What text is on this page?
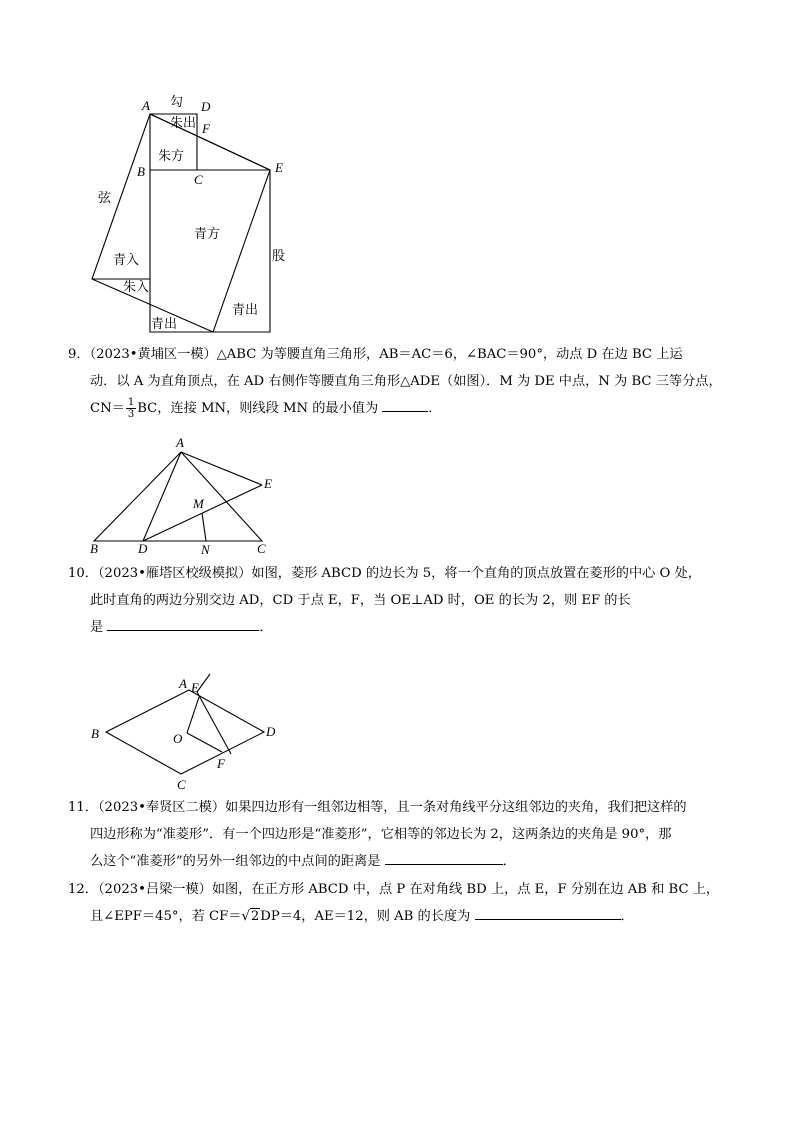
A 勾 D
朱出 F
B
朱方
C
E
弦
青方
股
青入
朱入
青出
青出
9．（2023•黄埔区一模）△ABC 为等腰直角三角形，AB＝AC＝6，∠BAC＝90°，动点 D 在边 BC 上运
动．以 A 为直角顶点，在 AD 右侧作等腰直角三角形△ADE（如图）．M 为 DE 中点，N 为 BC 三等分点，
$CN= \frac{1}{3}$ BC，连接 MN，则线段 MN 的最小值为	．
A
E
M
B	D	N	C
10．（2023•雁塔区校级模拟）如图，菱形 ABCD 的边长为 5，将一个直角的顶点放置在菱形的中心 O 处，
此时直角的两边分别交边 AD，CD 于点 E，F，当 OE⊥AD 时，OE 的长为 2，则 EF 的长
是	．
A E
B	O	D
F
C
11．（2023•奉贤区二模）如果四边形有一组邻边相等，且一条对角线平分这组邻边的夹角，我们把这样的
四边形称为“准菱形”．有一个四边形是“准菱形”，它相等的邻边长为 2，这两条边的夹角是 90°，那
么这个“准菱形”的另外一组邻边的中点间的距离是	．
12．（2023•吕梁一模）如图，在正方形 ABCD 中，点 P 在对角线 BD 上，点 E，F 分别在边 AB 和 BC 上，
且∠EPF＝45°，若 CF＝√2DP＝4，AE＝12，则 AB 的长度为	．
